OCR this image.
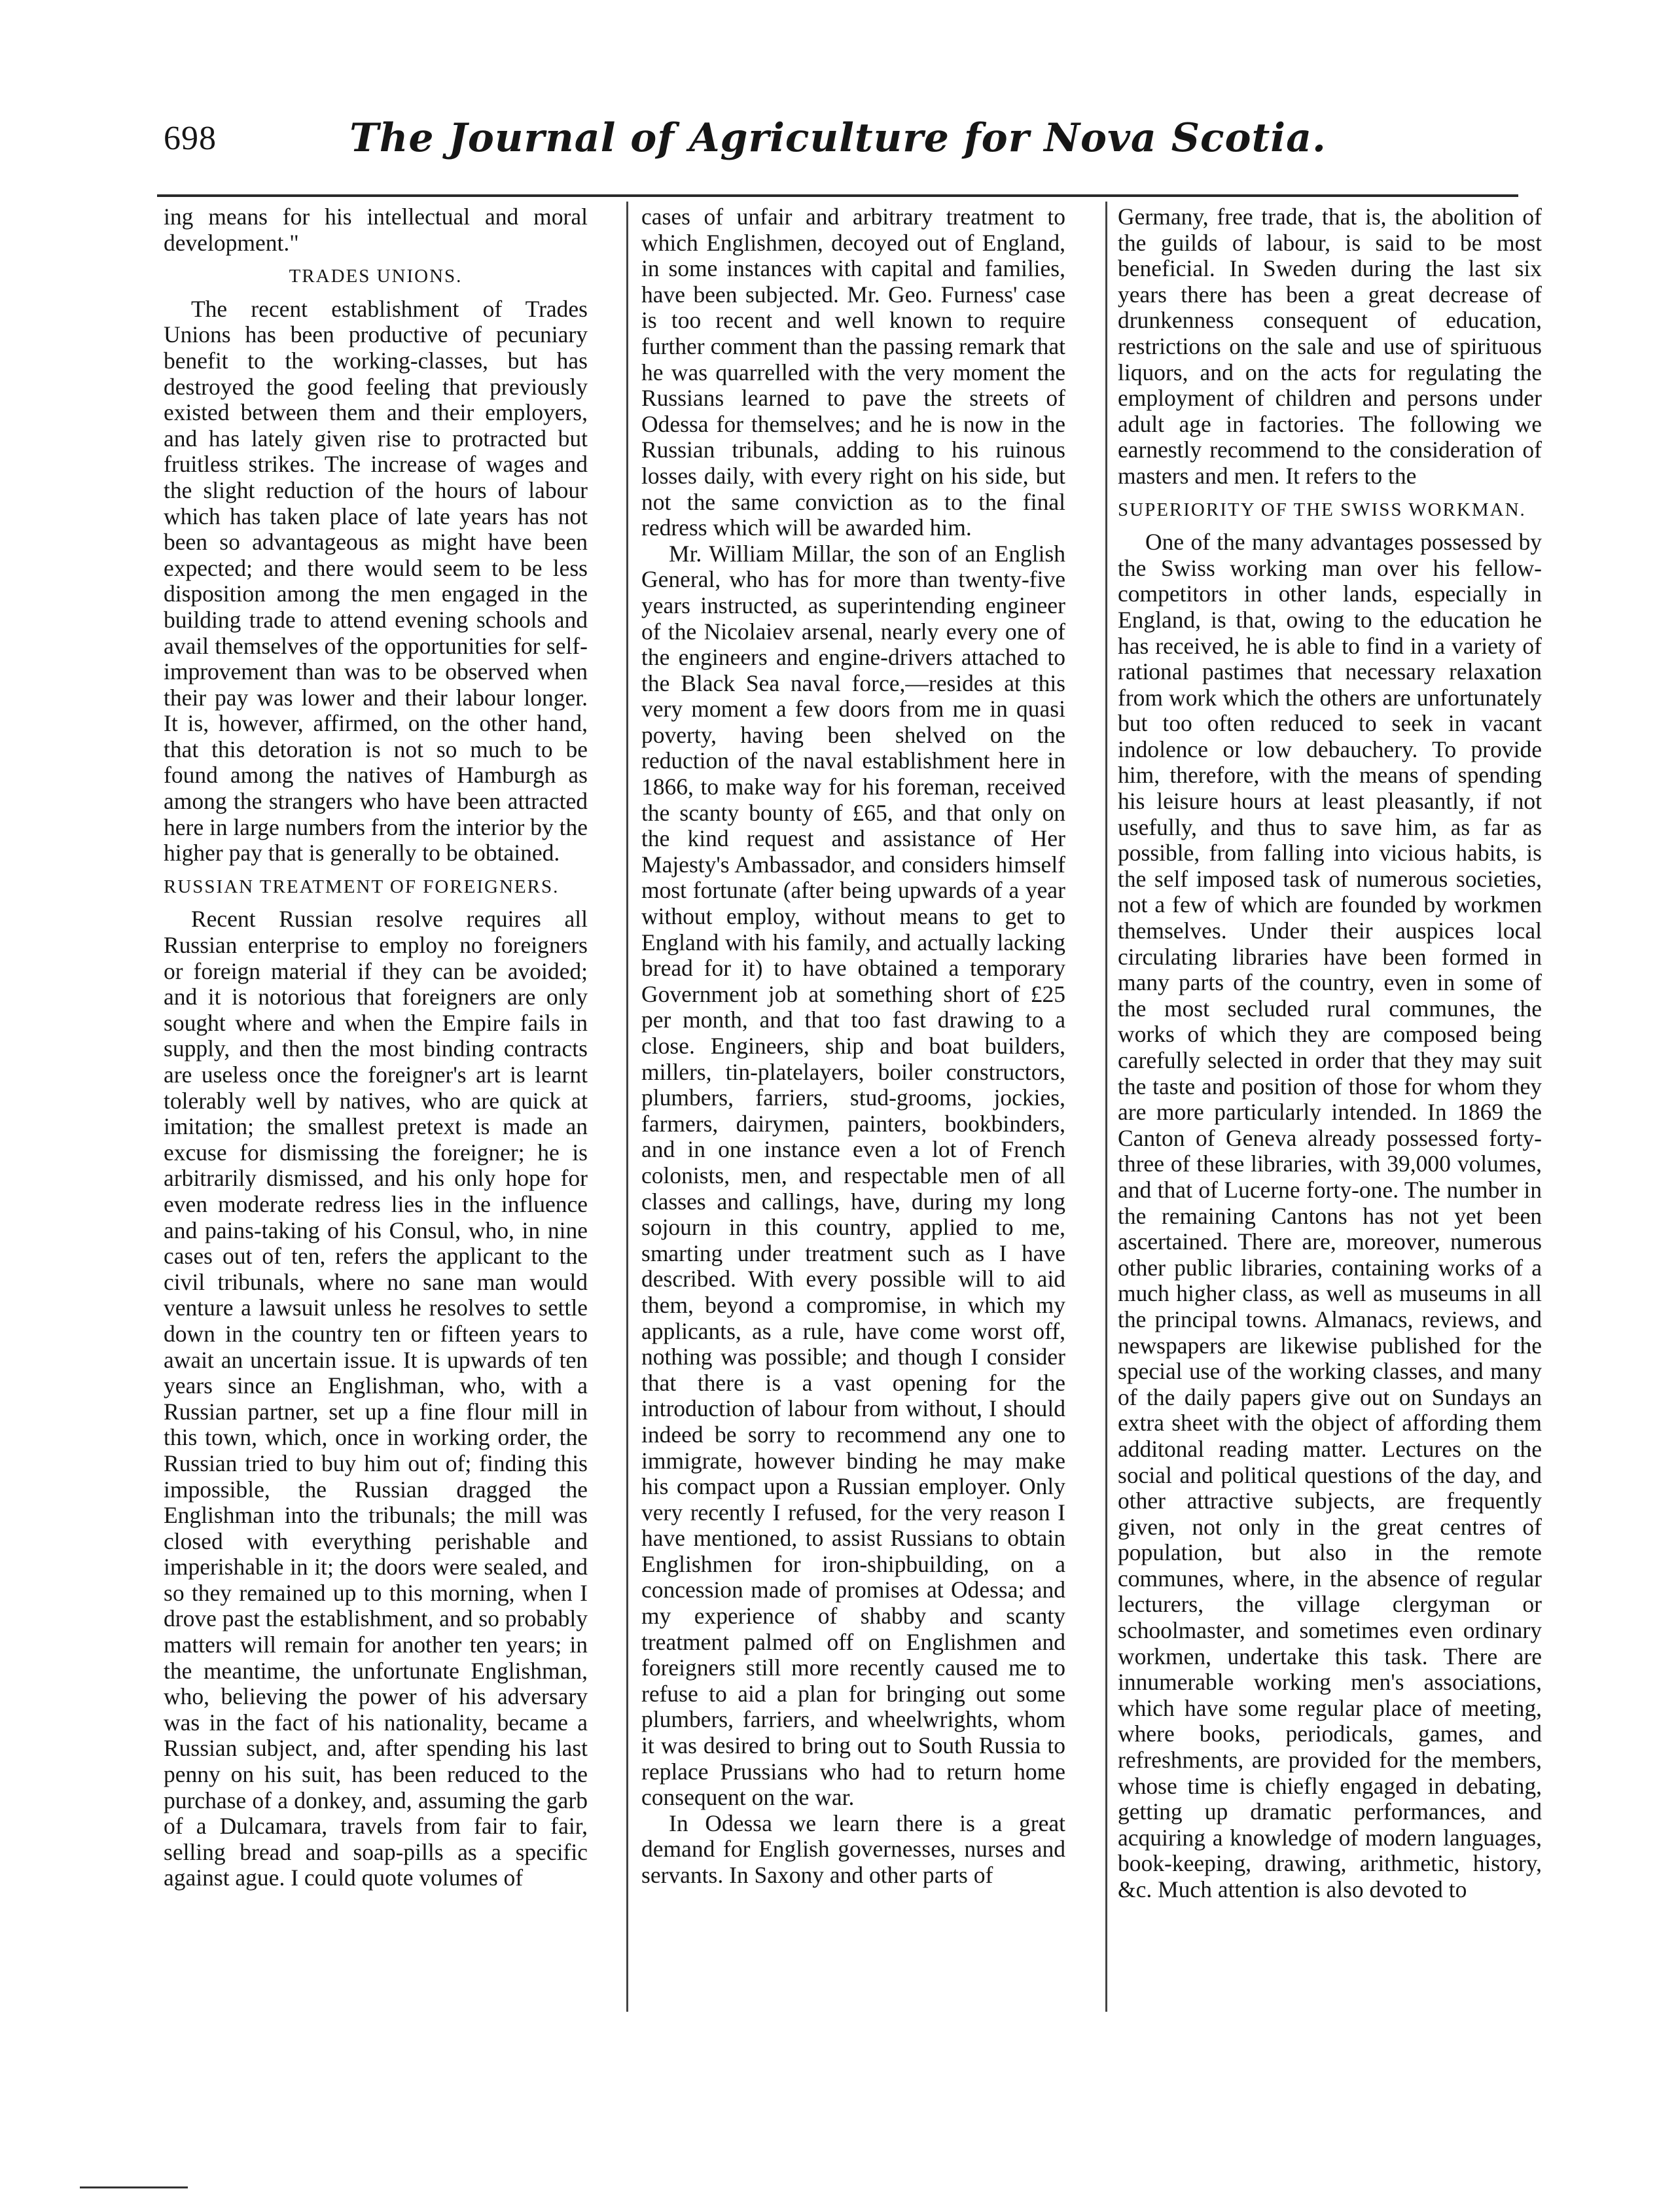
698	The Journal of Agriculture for Nova Scotia.

ing means for his intellectual and moral development."

TRADES UNIONS.

The recent establishment of Trades Unions has been productive of pecuniary benefit to the working-classes, but has destroyed the good feeling that previously existed between them and their employers, and has lately given rise to protracted but fruitless strikes. The increase of wages and the slight reduction of the hours of labour which has taken place of late years has not been so advantageous as might have been expected; and there would seem to be less disposition among the men engaged in the building trade to attend evening schools and avail themselves of the opportunities for self-improvement than was to be observed when their pay was lower and their labour longer. It is, however, affirmed, on the other hand, that this detoration is not so much to be found among the natives of Hamburgh as among the strangers who have been attracted here in large numbers from the interior by the higher pay that is generally to be obtained.

RUSSIAN TREATMENT OF FOREIGNERS.

Recent Russian resolve requires all Russian enterprise to employ no foreigners or foreign material if they can be avoided; and it is notorious that foreigners are only sought where and when the Empire fails in supply, and then the most binding contracts are useless once the foreigner's art is learnt tolerably well by natives, who are quick at imitation; the smallest pretext is made an excuse for dismissing the foreigner; he is arbitrarily dismissed, and his only hope for even moderate redress lies in the influence and pains-taking of his Consul, who, in nine cases out of ten, refers the applicant to the civil tribunals, where no sane man would venture a lawsuit unless he resolves to settle down in the country ten or fifteen years to await an uncertain issue. It is upwards of ten years since an Englishman, who, with a Russian partner, set up a fine flour mill in this town, which, once in working order, the Russian tried to buy him out of; finding this impossible, the Russian dragged the Englishman into the tribunals; the mill was closed with everything perishable and imperishable in it; the doors were sealed, and so they remained up to this morning, when I drove past the establishment, and so probably matters will remain for another ten years; in the meantime, the unfortunate Englishman, who, believing the power of his adversary was in the fact of his nationality, became a Russian subject, and, after spending his last penny on his suit, has been reduced to the purchase of a donkey, and, assuming the garb of a Dulcamara, travels from fair to fair, selling bread and soap-pills as a specific against ague. I could quote volumes of

cases of unfair and arbitrary treatment to which Englishmen, decoyed out of England, in some instances with capital and families, have been subjected. Mr. Geo. Furness' case is too recent and well known to require further comment than the passing remark that he was quarrelled with the very moment the Russians learned to pave the streets of Odessa for themselves; and he is now in the Russian tribunals, adding to his ruinous losses daily, with every right on his side, but not the same conviction as to the final redress which will be awarded him.

Mr. William Millar, the son of an English General, who has for more than twenty-five years instructed, as superintending engineer of the Nicolaiev arsenal, nearly every one of the engineers and engine-drivers attached to the Black Sea naval force,—resides at this very moment a few doors from me in quasi poverty, having been shelved on the reduction of the naval establishment here in 1866, to make way for his foreman, received the scanty bounty of £65, and that only on the kind request and assistance of Her Majesty's Ambassador, and considers himself most fortunate (after being upwards of a year without employ, without means to get to England with his family, and actually lacking bread for it) to have obtained a temporary Government job at something short of £25 per month, and that too fast drawing to a close. Engineers, ship and boat builders, millers, tin-platelayers, boiler constructors, plumbers, farriers, stud-grooms, jockies, farmers, dairymen, painters, bookbinders, and in one instance even a lot of French colonists, men, and respectable men of all classes and callings, have, during my long sojourn in this country, applied to me, smarting under treatment such as I have described. With every possible will to aid them, beyond a compromise, in which my applicants, as a rule, have come worst off, nothing was possible; and though I consider that there is a vast opening for the introduction of labour from without, I should indeed be sorry to recommend any one to immigrate, however binding he may make his compact upon a Russian employer. Only very recently I refused, for the very reason I have mentioned, to assist Russians to obtain Englishmen for iron-shipbuilding, on a concession made of promises at Odessa; and my experience of shabby and scanty treatment palmed off on Englishmen and foreigners still more recently caused me to refuse to aid a plan for bringing out some plumbers, farriers, and wheelwrights, whom it was desired to bring out to South Russia to replace Prussians who had to return home consequent on the war.

In Odessa we learn there is a great demand for English governesses, nurses and servants. In Saxony and other parts of

Germany, free trade, that is, the abolition of the guilds of labour, is said to be most beneficial. In Sweden during the last six years there has been a great decrease of drunkenness consequent of education, restrictions on the sale and use of spirituous liquors, and on the acts for regulating the employment of children and persons under adult age in factories. The following we earnestly recommend to the consideration of masters and men. It refers to the

SUPERIORITY OF THE SWISS WORKMAN.

One of the many advantages possessed by the Swiss working man over his fellow-competitors in other lands, especially in England, is that, owing to the education he has received, he is able to find in a variety of rational pastimes that necessary relaxation from work which the others are unfortunately but too often reduced to seek in vacant indolence or low debauchery. To provide him, therefore, with the means of spending his leisure hours at least pleasantly, if not usefully, and thus to save him, as far as possible, from falling into vicious habits, is the self imposed task of numerous societies, not a few of which are founded by workmen themselves. Under their auspices local circulating libraries have been formed in many parts of the country, even in some of the most secluded rural communes, the works of which they are composed being carefully selected in order that they may suit the taste and position of those for whom they are more particularly intended. In 1869 the Canton of Geneva already possessed forty-three of these libraries, with 39,000 volumes, and that of Lucerne forty-one. The number in the remaining Cantons has not yet been ascertained. There are, moreover, numerous other public libraries, containing works of a much higher class, as well as museums in all the principal towns. Almanacs, reviews, and newspapers are likewise published for the special use of the working classes, and many of the daily papers give out on Sundays an extra sheet with the object of affording them additonal reading matter. Lectures on the social and political questions of the day, and other attractive subjects, are frequently given, not only in the great centres of population, but also in the remote communes, where, in the absence of regular lecturers, the village clergyman or schoolmaster, and sometimes even ordinary workmen, undertake this task. There are innumerable working men's associations, which have some regular place of meeting, where books, periodicals, games, and refreshments, are provided for the members, whose time is chiefly engaged in debating, getting up dramatic performances, and acquiring a knowledge of modern languages, book-keeping, drawing, arithmetic, history, &c. Much attention is also devoted to
